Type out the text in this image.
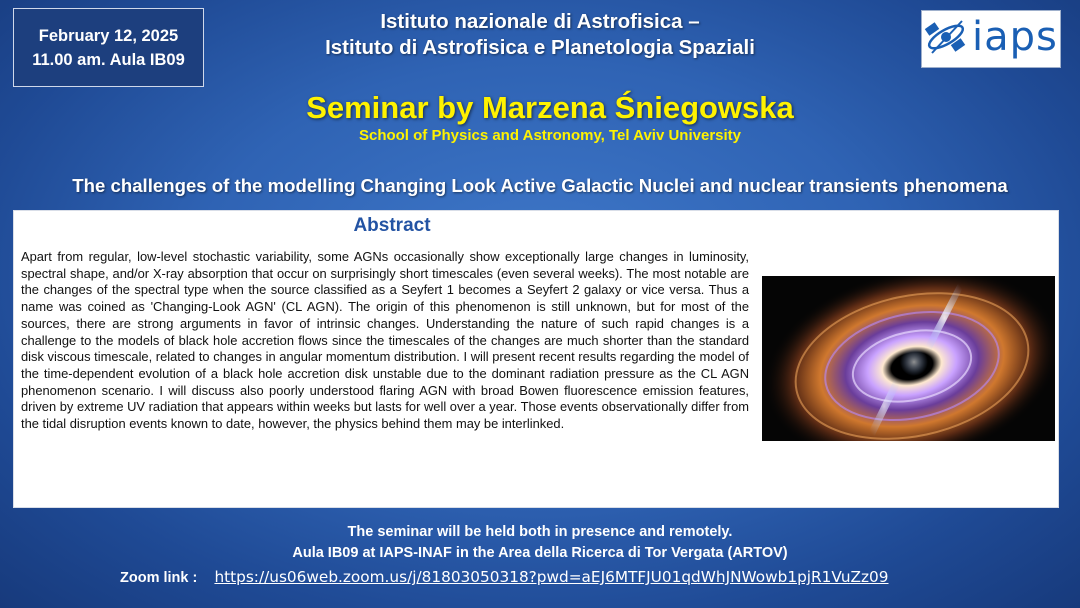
February 12, 2025
11.00 am. Aula IB09
Istituto nazionale di Astrofisica –
Istituto di Astrofisica e Planetologia Spaziali	iaps
Seminar by Marzena Śniegowska
School of Physics and Astronomy, Tel Aviv University
The challenges of the modelling Changing Look Active Galactic Nuclei and nuclear transients phenomena
Abstract
Apart from regular, low-level stochastic variability, some AGNs occasionally show exceptionally large changes in luminosity, spectral shape, and/or X-ray absorption that occur on surprisingly short timescales (even several weeks). The most notable are the changes of the spectral type when the source classified as a Seyfert 1 becomes a Seyfert 2 galaxy or vice versa. Thus a name was coined as 'Changing-Look AGN' (CL AGN). The origin of this phenomenon is still unknown, but for most of the sources, there are strong arguments in favor of intrinsic changes. Understanding the nature of such rapid changes is a challenge to the models of black hole accretion flows since the timescales of the changes are much shorter than the standard disk viscous timescale, related to changes in angular momentum distribution. I will present recent results regarding the model of the time-dependent evolution of a black hole accretion disk unstable due to the dominant radiation pressure as the CL AGN phenomenon scenario. I will discuss also poorly understood flaring AGN with broad Bowen fluorescence emission features, driven by extreme UV radiation that appears within weeks but lasts for well over a year. Those events observationally differ from the tidal disruption events known to date, however, the physics behind them may be interlinked.
The seminar will be held both in presence and remotely.
Aula IB09 at IAPS-INAF in the Area della Ricerca di Tor Vergata (ARTOV)
Zoom link : https://us06web.zoom.us/j/81803050318?pwd=aEJ6MTFJU01qdWhJNWowb1pjR1VuZz09
